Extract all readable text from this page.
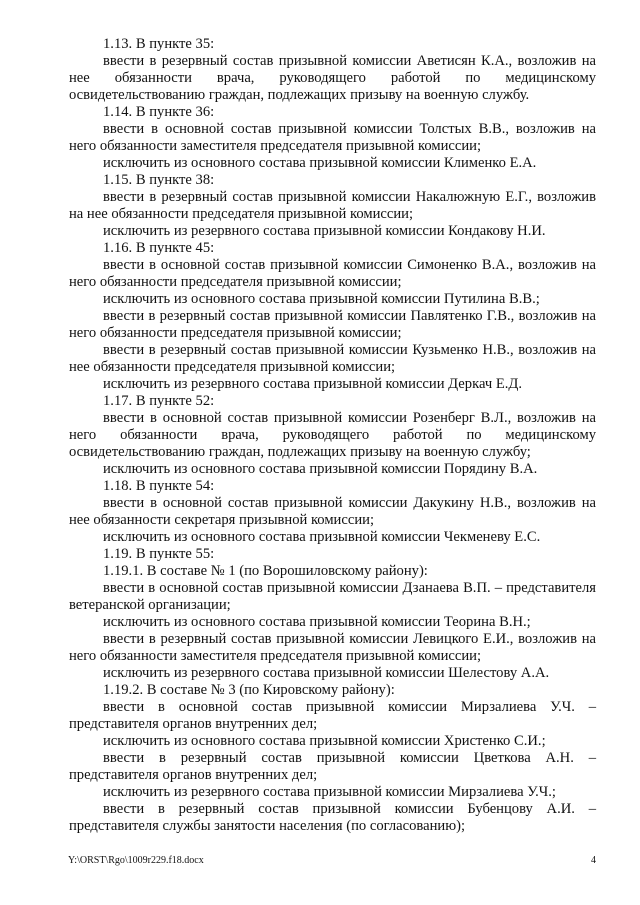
1.13. В пункте 35:

ввести в резервный состав призывной комиссии Аветисян К.А., возложив на нее обязанности врача, руководящего работой по медицинскому освидетельствованию граждан, подлежащих призыву на военную службу.

1.14. В пункте 36:

ввести в основной состав призывной комиссии Толстых В.В., возложив на него обязанности заместителя председателя призывной комиссии;

исключить из основного состава призывной комиссии Клименко Е.А.

1.15. В пункте 38:

ввести в резервный состав призывной комиссии Накалюжную Е.Г., возложив на нее обязанности председателя призывной комиссии;

исключить из резервного состава призывной комиссии Кондакову Н.И.

1.16. В пункте 45:

ввести в основной состав призывной комиссии Симоненко В.А., возложив на него обязанности председателя призывной комиссии;

исключить из основного состава призывной комиссии Путилина В.В.;

ввести в резервный состав призывной комиссии Павлятенко Г.В., возложив на него обязанности председателя призывной комиссии;

ввести в резервный состав призывной комиссии Кузьменко Н.В., возложив на нее обязанности председателя призывной комиссии;

исключить из резервного состава призывной комиссии Деркач Е.Д.

1.17. В пункте 52:

ввести в основной состав призывной комиссии Розенберг В.Л., возложив на него обязанности врача, руководящего работой по медицинскому освидетельствованию граждан, подлежащих призыву на военную службу;

исключить из основного состава призывной комиссии Порядину В.А.

1.18. В пункте 54:

ввести в основной состав призывной комиссии Дакукину Н.В., возложив на нее обязанности секретаря призывной комиссии;

исключить из основного состава призывной комиссии Чекменеву Е.С.

1.19. В пункте 55:

1.19.1. В составе № 1 (по Ворошиловскому району):

ввести в основной состав призывной комиссии Дзанаева В.П. – представителя ветеранской организации;

исключить из основного состава призывной комиссии Теорина В.Н.;

ввести в резервный состав призывной комиссии Левицкого Е.И., возложив на него обязанности заместителя председателя призывной комиссии;

исключить из резервного состава призывной комиссии Шелестову А.А.

1.19.2. В составе № 3 (по Кировскому району):

ввести в основной состав призывной комиссии Мирзалиева У.Ч. – представителя органов внутренних дел;

исключить из основного состава призывной комиссии Христенко С.И.;

ввести в резервный состав призывной комиссии Цветкова А.Н. – представителя органов внутренних дел;

исключить из резервного состава призывной комиссии Мирзалиева У.Ч.;

ввести в резервный состав призывной комиссии Бубенцову А.И. – представителя службы занятости населения (по согласованию);

Y:\ORST\Rgo\1009r229.f18.docx	4
